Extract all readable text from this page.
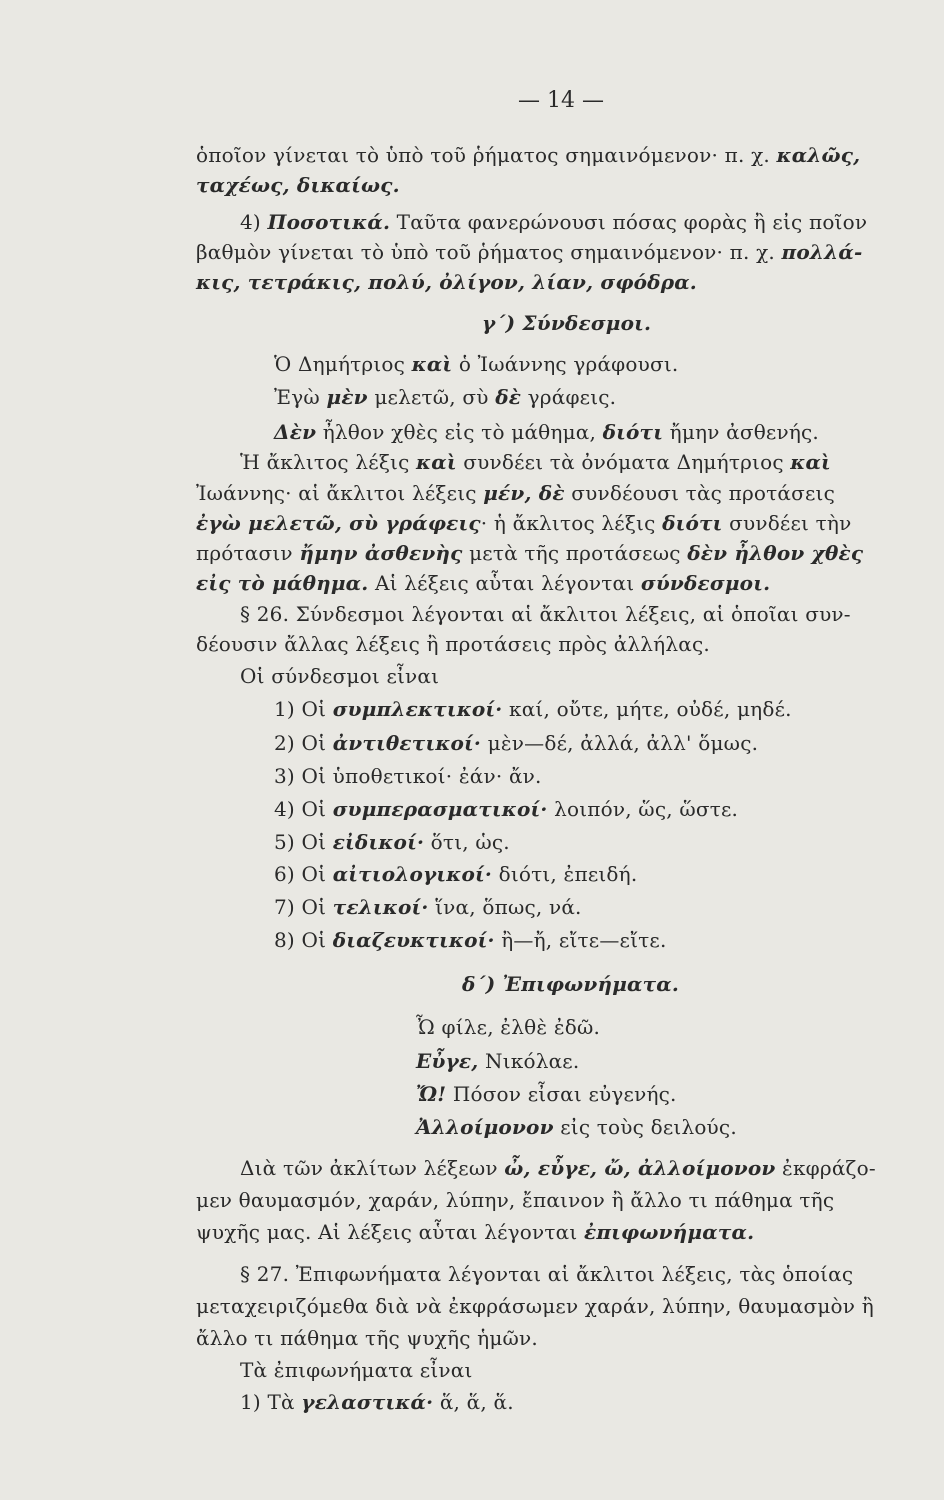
— 14 —
ὁποῖον γίνεται τὸ ὑπὸ τοῦ ῥήματος σημαινόμενον· π. χ. καλῶς,
ταχέως, δικαίως.
4) Ποσοτικά. Ταῦτα φανερώνουσι πόσας φορὰς ἢ εἰς ποῖον
βαθμὸν γίνεται τὸ ὑπὸ τοῦ ῥήματος σημαινόμενον· π. χ. πολλά-
κις, τετράκις, πολύ, ὀλίγον, λίαν, σφόδρα.
γ΄) Σύνδεσμοι.
Ὁ Δημήτριος καὶ ὁ Ἰωάννης γράφουσι.
Ἐγὼ μὲν μελετῶ, σὺ δὲ γράφεις.
Δὲν ἦλθον χθὲς εἰς τὸ μάθημα, διότι ἤμην ἀσθενής.
Ἡ ἄκλιτος λέξις καὶ συνδέει τὰ ὀνόματα Δημήτριος καὶ
Ἰωάννης· αἱ ἄκλιτοι λέξεις μέν, δὲ συνδέουσι τὰς προτάσεις
ἐγὼ μελετῶ, σὺ γράφεις· ἡ ἄκλιτος λέξις διότι συνδέει τὴν
πρότασιν ἤμην ἀσθενὴς μετὰ τῆς προτάσεως δὲν ἦλθον χθὲς
εἰς τὸ μάθημα. Αἱ λέξεις αὗται λέγονται σύνδεσμοι.
§ 26. Σύνδεσμοι λέγονται αἱ ἄκλιτοι λέξεις, αἱ ὁποῖαι συν-
δέουσιν ἄλλας λέξεις ἢ προτάσεις πρὸς ἀλλήλας.
Οἱ σύνδεσμοι εἶναι
1) Οἱ συμπλεκτικοί· καί, οὔτε, μήτε, οὐδέ, μηδέ.
2) Οἱ ἀντιθετικοί· μὲν—δέ, ἀλλά, ἀλλ' ὅμως.
3) Οἱ ὑποθετικοί· ἐάν· ἄν.
4) Οἱ συμπερασματικοί· λοιπόν, ὥς, ὥστε.
5) Οἱ εἰδικοί· ὅτι, ὡς.
6) Οἱ αἰτιολογικοί· διότι, ἐπειδή.
7) Οἱ τελικοί· ἵνα, ὅπως, νά.
8) Οἱ διαζευκτικοί· ἢ—ἤ, εἴτε—εἴτε.
δ΄) Ἐπιφωνήματα.
Ὦ φίλε, ἐλθὲ ἐδῶ.
Εὖγε, Νικόλαε.
Ὤ! Πόσον εἶσαι εὐγενής.
Ἀλλοίμονον εἰς τοὺς δειλούς.
Διὰ τῶν ἀκλίτων λέξεων ὦ, εὖγε, ὤ, ἀλλοίμονον ἐκφράζο-
μεν θαυμασμόν, χαράν, λύπην, ἔπαινον ἢ ἄλλο τι πάθημα τῆς
ψυχῆς μας. Αἱ λέξεις αὗται λέγονται ἐπιφωνήματα.
§ 27. Ἐπιφωνήματα λέγονται αἱ ἄκλιτοι λέξεις, τὰς ὁποίας
μεταχειριζόμεθα διὰ νὰ ἐκφράσωμεν χαράν, λύπην, θαυμασμὸν ἢ
ἄλλο τι πάθημα τῆς ψυχῆς ἡμῶν.
Τὰ ἐπιφωνήματα εἶναι
1) Τὰ γελαστικά· ἅ, ἅ, ἅ.
